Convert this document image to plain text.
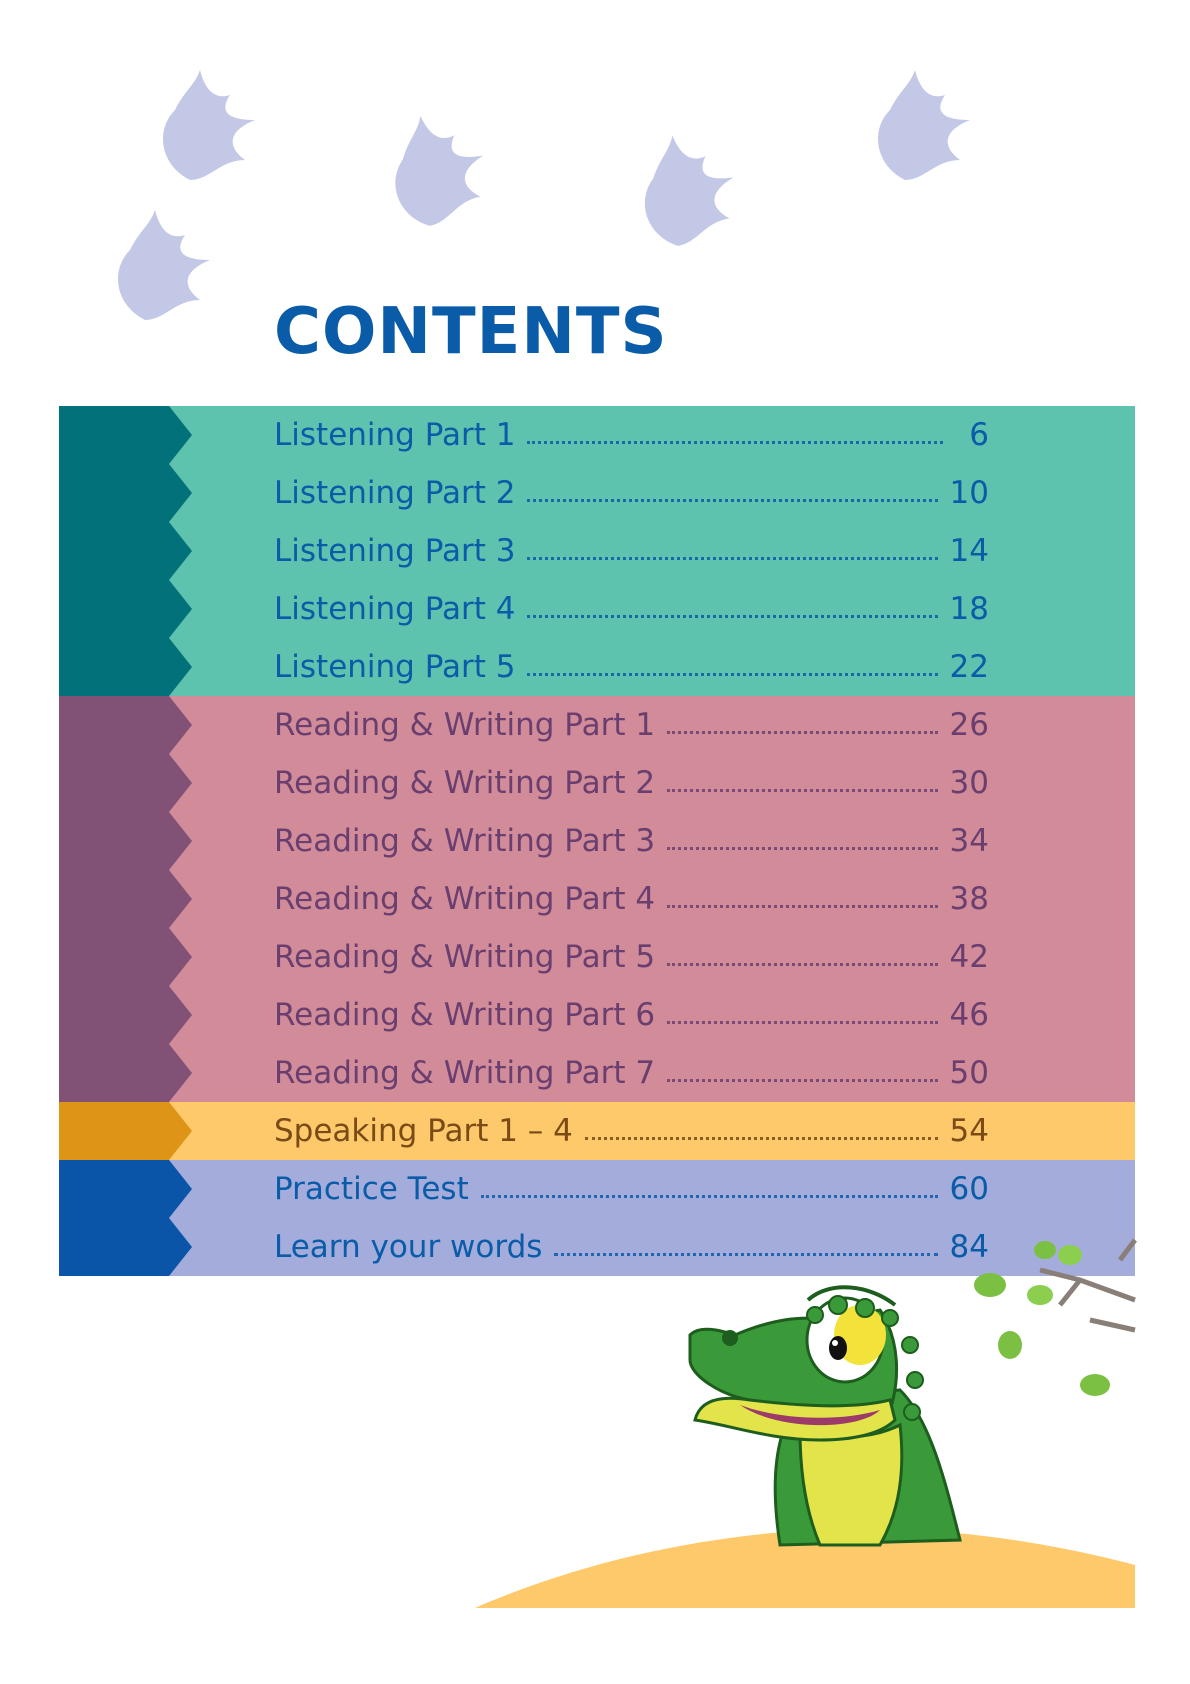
CONTENTS
Listening Part 1	6
Listening Part 2	10
Listening Part 3	14
Listening Part 4	18
Listening Part 5	22
Reading & Writing Part 1	26
Reading & Writing Part 2	30
Reading & Writing Part 3	34
Reading & Writing Part 4	38
Reading & Writing Part 5	42
Reading & Writing Part 6	46
Reading & Writing Part 7	50
Speaking Part 1 – 4	54
Practice Test	60
Learn your words	84
